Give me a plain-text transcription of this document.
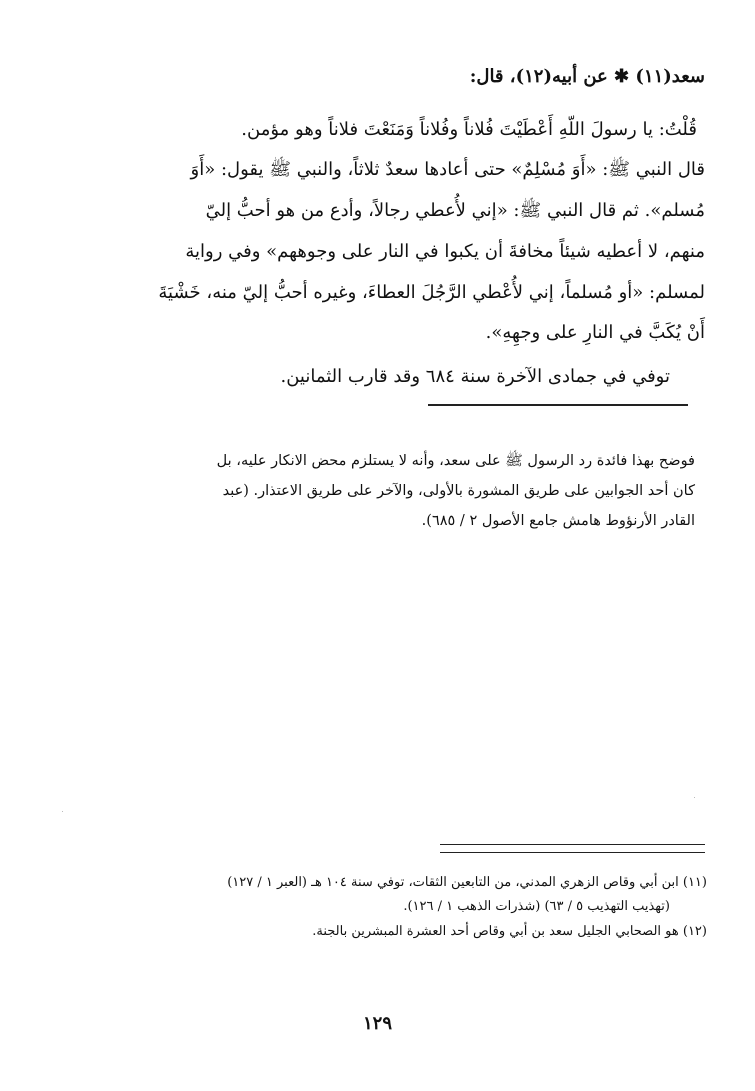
سعد(١١) ✱ عن أبيه(١٢)، قال:
قُلْتُ: يا رسولَ اللّهِ أَعْطَيْتَ فُلاناً وفُلاناً وَمَنَعْتَ فلاناً وهو مؤمن.
قال النبي ﷺ: «أَوَ مُسْلِمٌ» حتى أعادها سعدٌ ثلاثاً، والنبي ﷺ يقول: «أَوَ
مُسلم». ثم قال النبي ﷺ: «إني لأُعطي رجالاً، وأدع من هو أحبُّ إليّ
منهم، لا أعطيه شيئاً مخافةَ أن يكبوا في النار على وجوههم» وفي رواية
لمسلم: «أو مُسلماً، إني لأُعْطي الرَّجُلَ العطاءَ، وغيره أحبُّ إليّ منه، خَشْيَةَ
أَنْ يُكَبَّ في النارِ على وجهِهِ».
توفي في جمادى الآخرة سنة ٦٨٤ وقد قارب الثمانين.
فوضح بهذا فائدة رد الرسول ﷺ على سعد، وأنه لا يستلزم محض الانكار عليه، بل
كان أحد الجوابين على طريق المشورة بالأولى، والآخر على طريق الاعتذار. (عبد
القادر الأرنؤوط هامش جامع الأصول ٢ / ٦٨٥).
(١١) ابن أبي وقاص الزهري المدني، من التابعين الثقات، توفي سنة ١٠٤ هـ (العبر ١ / ١٢٧)
(تهذيب التهذيب ٥ / ٦٣) (شذرات الذهب ١ / ١٢٦).
(١٢) هو الصحابي الجليل سعد بن أبي وقاص أحد العشرة المبشرين بالجنة.
١٢٩
